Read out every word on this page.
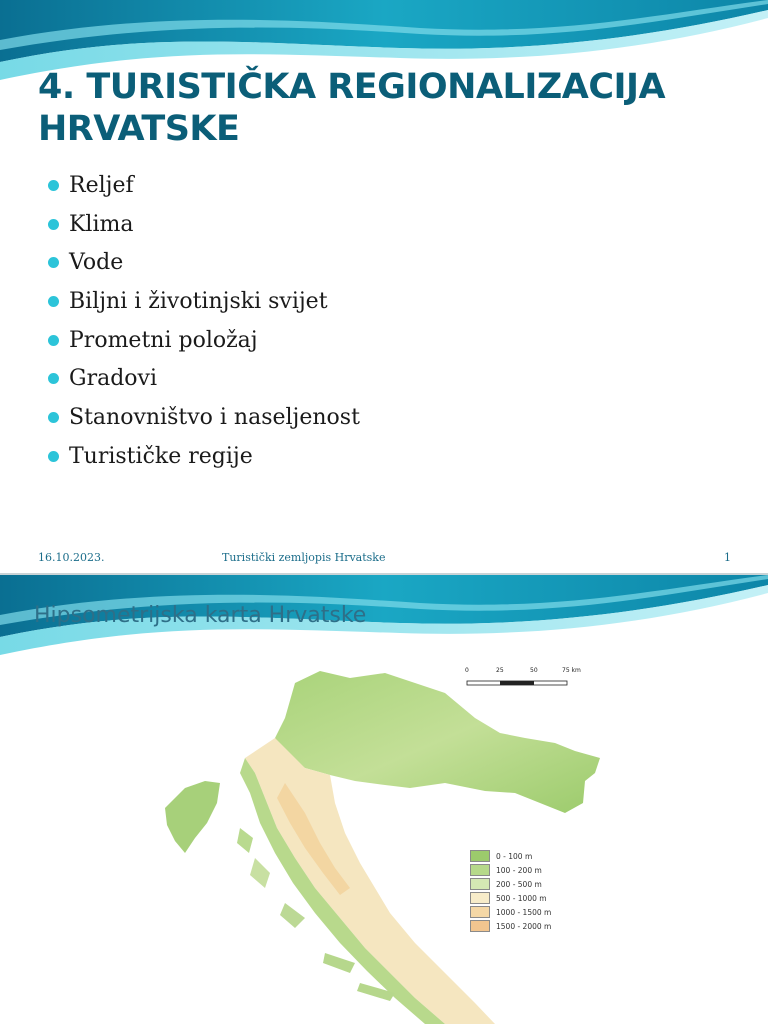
4. TURISTIČKA REGIONALIZACIJA HRVATSKE
Reljef
Klima
Vode
Biljni i životinjski svijet
Prometni položaj
Gradovi
Stanovništvo i naseljenost
Turističke regije
16.10.2023.	Turistički zemljopis Hrvatske	1
Hipsometrijska karta Hrvatske
0	25	50	75 km
0 - 100 m
100 - 200 m
200 - 500 m
500 - 1000 m
1000 - 1500 m
1500 - 2000 m
